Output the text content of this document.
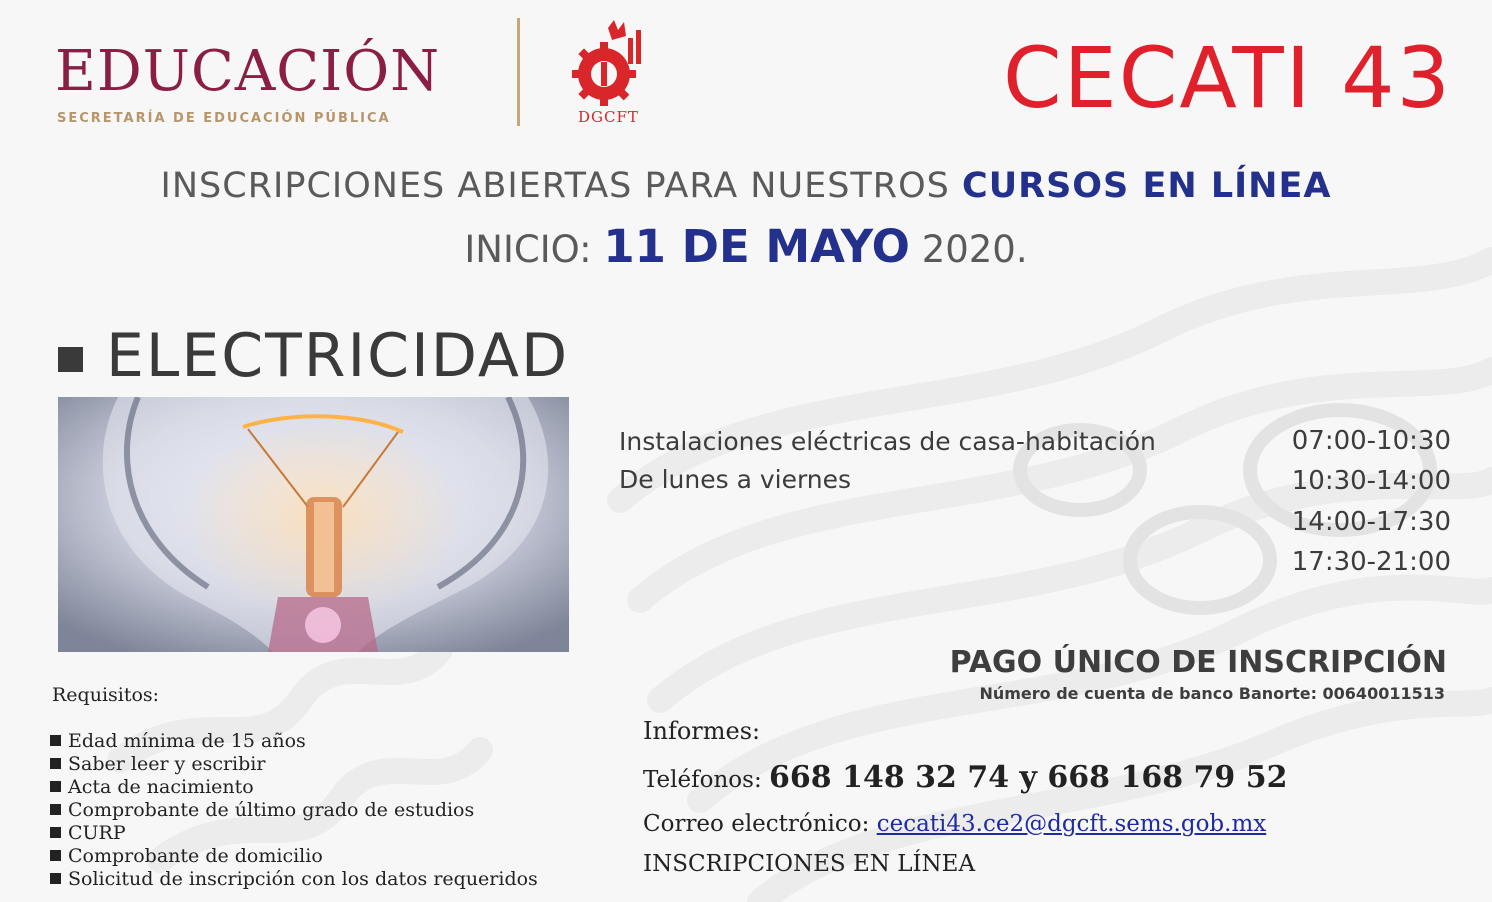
EDUCACIÓN
SECRETARÍA DE EDUCACIÓN PÚBLICA	DGCFT	CECATI 43
INSCRIPCIONES ABIERTAS PARA NUESTROS CURSOS EN LÍNEA
INICIO: 11 DE MAYO 2020.
ELECTRICIDAD
Instalaciones eléctricas de casa-habitación
De lunes a viernes
07:00-10:30
10:30-14:00
14:00-17:30
17:30-21:00
PAGO ÚNICO DE INSCRIPCIÓN
Número de cuenta de banco Banorte: 00640011513
Requisitos:
Edad mínima de 15 años
Saber leer y escribir
Acta de nacimiento
Comprobante de último grado de estudios
CURP
Comprobante de domicilio
Solicitud de inscripción con los datos requeridos
Informes:
Teléfonos: 668 148 32 74 y 668 168 79 52
Correo electrónico: cecati43.ce2@dgcft.sems.gob.mx
INSCRIPCIONES EN LÍNEA
